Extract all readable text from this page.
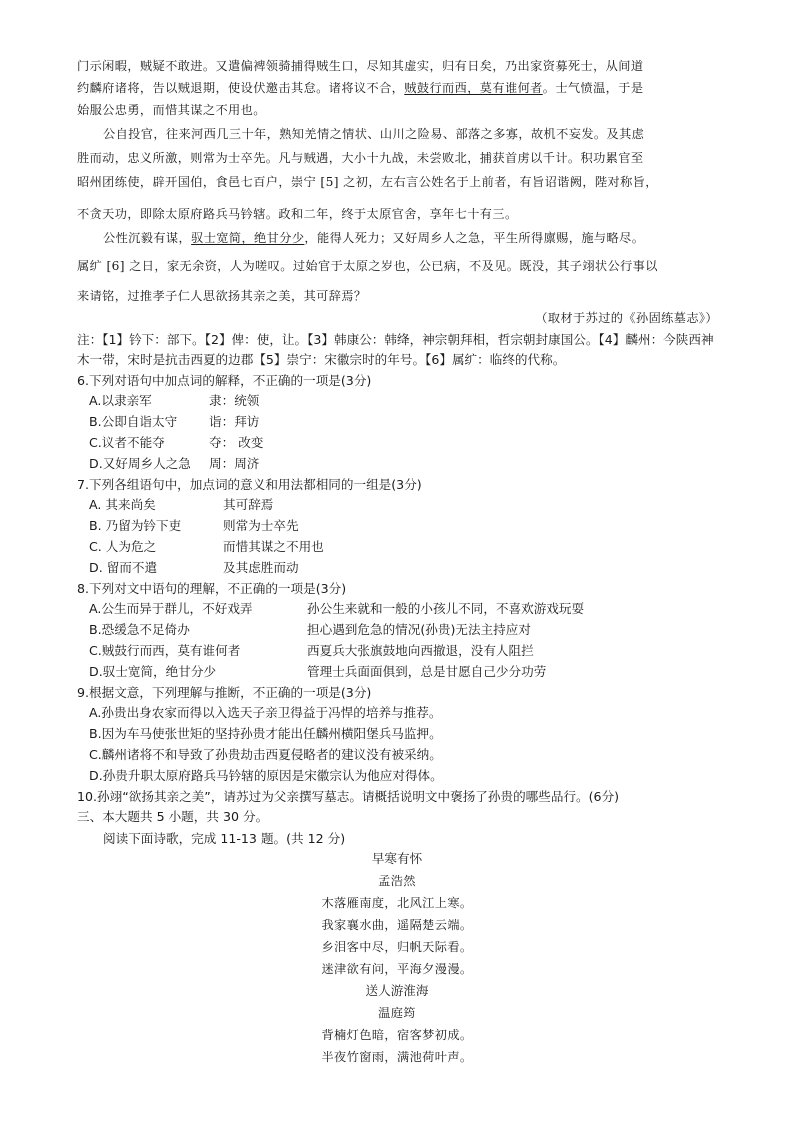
门示闲暇，贼疑不敢进。又遣偏裨领骑捕得贼生口，尽知其虚实，归有日矣，乃出家资募死士，从间道
约麟府诸将，告以贼退期，使设伏邀击其怠。诸将议不合，贼鼓行而西，莫有谁何者。士气愤温，于是
始服公忠勇，而惜其谋之不用也。
公自投官，往来河西几三十年，熟知羌情之情状、山川之险易、部落之多寡，故机不妄发。及其虑
胜而动，忠义所激，则常为士卒先。凡与贼遇，大小十九战，未尝败北，捕获首虏以千计。积功累官至
昭州团练使，辟开国伯，食邑七百户，崇宁 [5] 之初，左右言公姓名于上前者，有旨诏谐阙，陛对称旨，
不贪天功，即除太原府路兵马钤辖。政和二年，终于太原官舍，享年七十有三。
公性沉毅有谋，驭士宽简，绝甘分少，能得人死力；又好周乡人之急，平生所得廪赐，施与略尽。
属纩 [6] 之日，家无余资，人为嗟叹。过始官于太原之岁也，公已病，不及见。既没，其子翊状公行事以
来请铭，过推孝子仁人思欲扬其亲之美，其可辞焉？
（取材于苏过的《孙固练墓志》）
注：【1】钤下：部下。【2】俾：使，让。【3】韩康公：韩绛，神宗朝拜相，哲宗朝封康国公。【4】麟州：今陕西神木一带，宋时是抗击西夏的边郡【5】崇宁：宋徽宗时的年号。【6】属纩：临终的代称。
6.下列对语句中加点词的解释，不正确的一项是(3分)
A.以隶亲军	隶：统领
B.公即自诣太守	诣：拜访
C.议者不能夺	夺： 改变
D.又好周乡人之急 周：周济
7.下列各组语句中，加点词的意义和用法都相同的一组是(3分)
A. 其来尚矣	其可辞焉
B. 乃留为钤下吏	则常为士卒先
C. 人为危之	而惜其谋之不用也
D. 留而不遣	及其虑胜而动
8.下列对文中语句的理解，不正确的一项是(3分)
A.公生而异于群儿，不好戏弄	孙公生来就和一般的小孩儿不同，不喜欢游戏玩耍
B.恐缓急不足倚办	担心遇到危急的情况(孙贵)无法主持应对
C.贼鼓行而西，莫有谁何者	西夏兵大张旗鼓地向西撤退，没有人阻拦
D.驭士宽简，绝甘分少	管理士兵面面俱到，总是甘愿自己少分功劳
9.根据文意，下列理解与推断，不正确的一项是(3分)
A.孙贵出身农家而得以入选天子亲卫得益于冯悍的培养与推荐。
B.因为车马使张世矩的坚持孙贵才能出任麟州横阳堡兵马监押。
C.麟州诸将不和导致了孙贵劫击西夏侵略者的建议没有被采纳。
D.孙贵升职太原府路兵马钤辖的原因是宋徽宗认为他应对得体。
10.孙翊“欲扬其亲之美”，请苏过为父亲撰写墓志。请概括说明文中褒扬了孙贵的哪些品行。(6分)
三、本大题共 5 小题，共 30 分。
阅读下面诗歌，完成 11-13 题。(共 12 分)
早寒有怀
孟浩然
木落雁南度，北风江上寒。
我家襄水曲，遥隔楚云端。
乡泪客中尽，归帆天际看。
迷津欲有问，平海夕漫漫。
送人游淮海
温庭筠
背楠灯色暗，宿客梦初成。
半夜竹窗雨，满池荷叶声。
